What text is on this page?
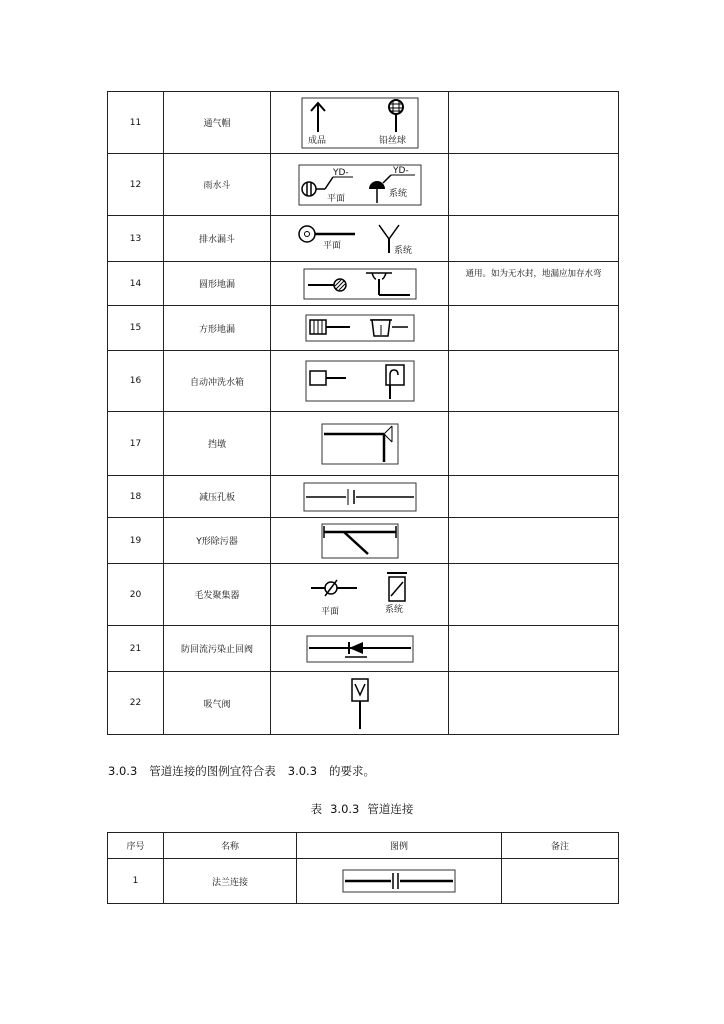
11	通气帽	成品 铅丝球	

12	雨水斗	YD-
平面
YD-
系统	

13	排水漏斗	平面 系统	

14	圆形地漏		通用。如为无水封，地漏应加存水弯
15	方形地漏	

16	自动冲洗水箱	

17	挡墩	

18	减压孔板	

19	Y形除污器	

20	毛发聚集器	平面 系统	

21	防回流污染止回阀	

22	吸气阀	

3.0.3 管道连接的图例宜符合表 3.0.3 的要求。
表 3.0.3 管道连接
序号	名称	图例	备注
1	法兰连接	
